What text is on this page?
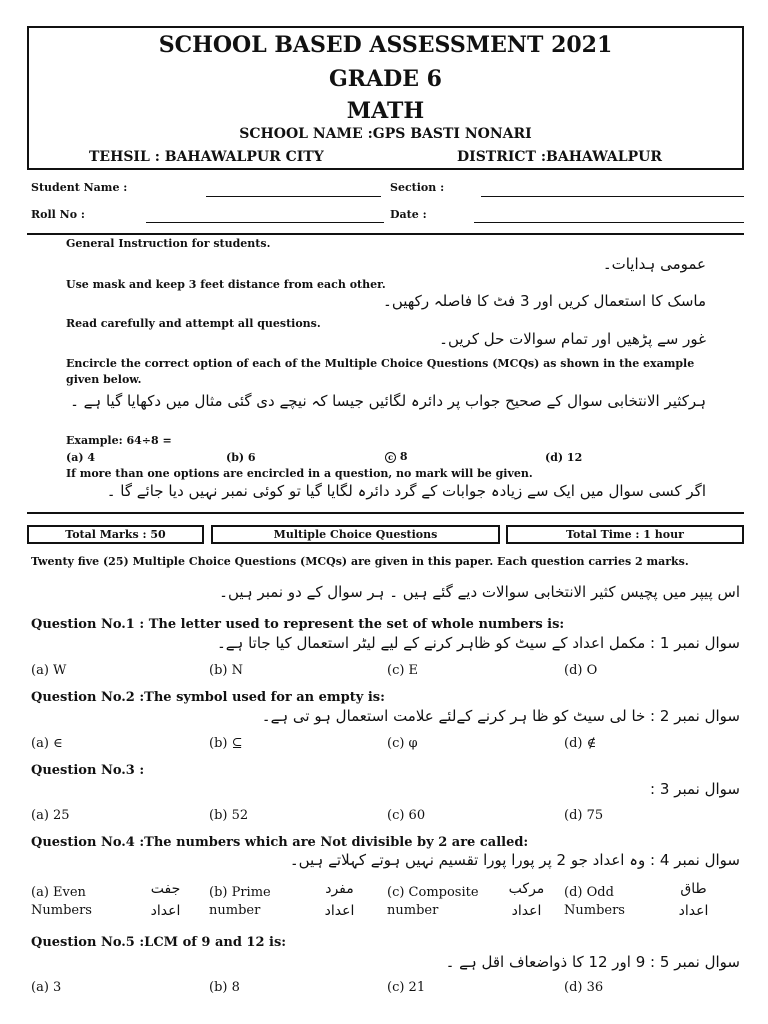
SCHOOL BASED ASSESSMENT 2021
GRADE 6
MATH
SCHOOL NAME :GPS BASTI NONARI
TEHSIL : BAHAWALPUR CITY	DISTRICT :BAHAWALPUR
Student Name :	Section :
Roll No :	Date :
General Instruction for students.
عمومی ہدایات۔
Use mask and keep 3 feet distance from each other.
ماسک کا استعمال کریں اور 3 فٹ کا فاصلہ رکھیں۔
Read carefully and attempt all questions.
غور سے پڑھیں اور تمام سوالات حل کریں۔
Encircle the correct option of each of the Multiple Choice Questions (MCQs) as shown in the example given below.
ہرکثیر الانتخابی سوال کے صحیح جواب پر دائرہ لگائیں جیسا کہ نیچے دی گئی مثال میں دکھایا گیا ہے ۔
Example: 64÷8 =
(a) 4	(b) 6	c 8	(d) 12
If more than one options are encircled in a question, no mark will be given.
اگر کسی سوال میں ایک سے زیادہ جوابات کے گرد دائرہ لگایا گیا تو کوئی نمبر نہیں دیا جائے گا ۔
Total Marks : 50	Multiple Choice Questions	Total Time : 1 hour
Twenty five (25) Multiple Choice Questions (MCQs) are given in this paper. Each question carries 2 marks.
اس پیپر میں پچیس کثیر الانتخابی سوالات دیے گئے ہیں ۔ ہر سوال کے دو نمبر ہیں۔
Question No.1 : The letter used to represent the set of whole numbers is:
سوال نمبر 1 : مکمل اعداد کے سیٹ کو ظاہر کرنے کے لیے لیٹر استعمال کیا جاتا ہے۔
(a) W	(b) N	(c) E	(d) O
Question No.2 :The symbol used for an empty is:
سوال نمبر 2 : خا لی سیٹ کو ظا ہر کرنے کےلئے علامت استعمال ہو تی ہے۔
(a) ∈	(b) ⊆	(c) φ	(d) ∉
Question No.3 :
سوال نمبر 3 :
(a) 25	(b) 52	(c) 60	(d) 75
Question No.4 :The numbers which are Not divisible by 2 are called:
سوال نمبر 4 : وہ اعداد جو 2 پر پورا پورا تقسیم نہیں ہوتے کہلاتے ہیں۔
(a) Even Numbers
جفت اعداد
(b) Prime number
مفرد اعداد
(c) Composite number
مرکب اعداد
(d) Odd Numbers
طاق اعداد
Question No.5 :LCM of 9 and 12 is:
سوال نمبر 5 : 9 اور 12 کا ذواضعاف اقل ہے ۔
(a) 3	(b) 8	(c) 21	(d) 36
